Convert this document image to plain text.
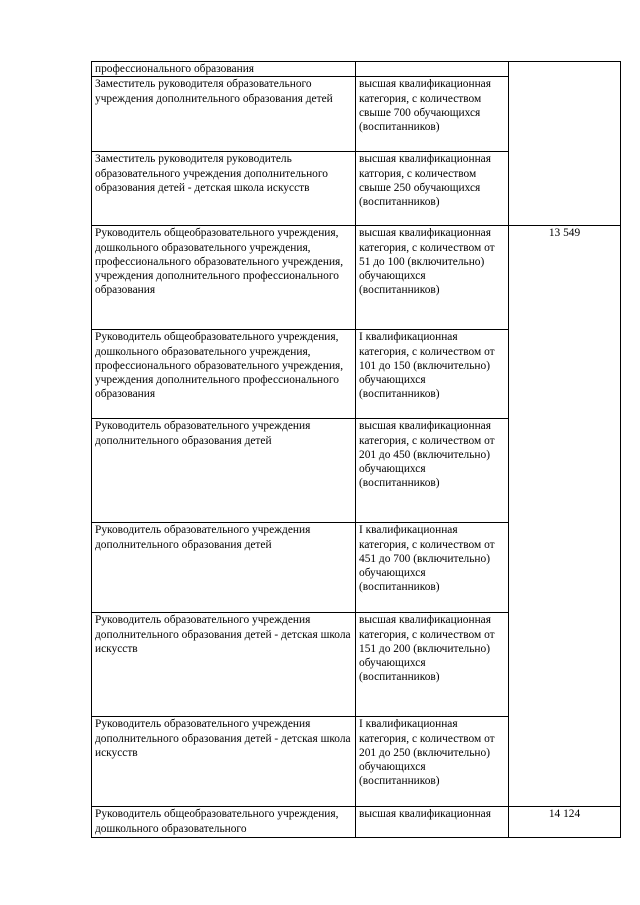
профессионального образования		
Заместитель руководителя образовательного учреждения дополнительного образования детей	высшая квалификационная категория, с количеством свыше 700 обучающихся (воспитанников)	
Заместитель руководителя руководитель образовательного учреждения дополнительного образования детей - детская школа искусств	высшая квалификационная катгория, с количеством свыше 250 обучающихся (воспитанников)	
Руководитель общеобразовательного учреждения, дошкольного образовательного учреждения, профессионального образовательного учреждения, учреждения дополнительного профессионального образования	высшая квалификационная категория, с количеством от 51 до 100 (включительно) обучающихся (воспитанников)	13 549
Руководитель общеобразовательного учреждения, дошкольного образовательного учреждения, профессионального образовательного учреждения, учреждения дополнительного профессионального образования	I квалификационная категория, с количеством от 101 до 150 (включительно) обучающихся (воспитанников)	
Руководитель образовательного учреждения дополнительного образования детей	высшая квалификационная категория, с количеством от 201 до 450 (включительно) обучающихся (воспитанников)	
Руководитель образовательного учреждения дополнительного образования детей	I квалификационная категория, с количеством от 451 до 700 (включительно) обучающихся (воспитанников)	
Руководитель образовательного учреждения дополнительного образования детей - детская школа искусств	высшая квалификационная категория, с количеством от 151 до 200 (включительно) обучающихся (воспитанников)	
Руководитель образовательного учреждения дополнительного образования детей - детская школа искусств	I квалификационная категория, с количеством от 201 до 250 (включительно) обучающихся (воспитанников)	
Руководитель общеобразовательного учреждения, дошкольного образовательного	высшая квалификационная	14 124
